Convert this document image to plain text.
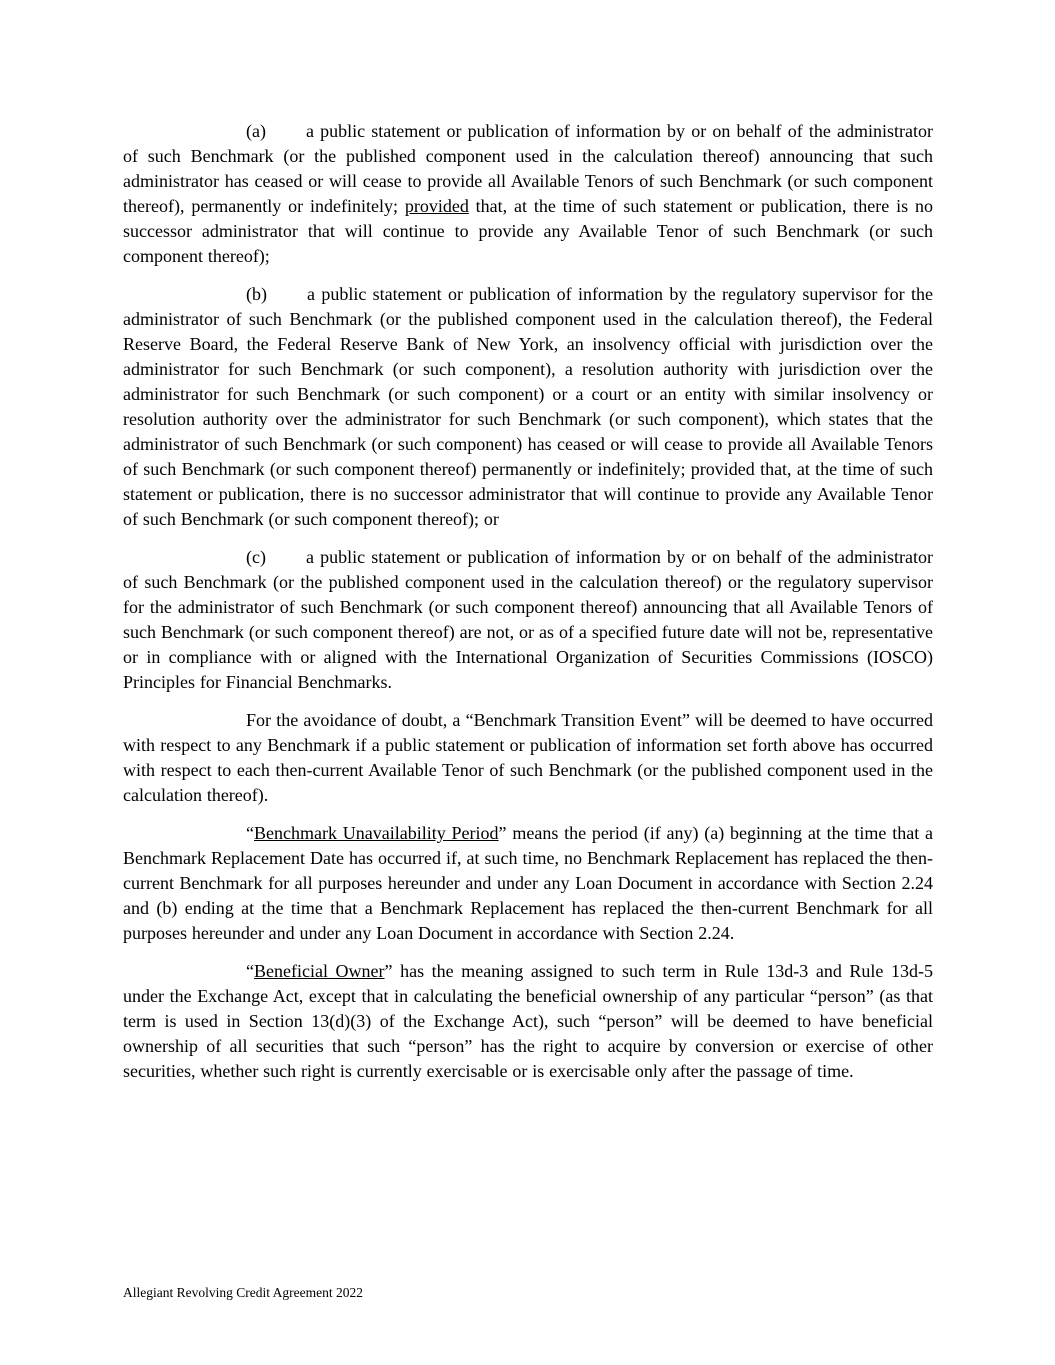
(a) a public statement or publication of information by or on behalf of the administrator of such Benchmark (or the published component used in the calculation thereof) announcing that such administrator has ceased or will cease to provide all Available Tenors of such Benchmark (or such component thereof), permanently or indefinitely; provided that, at the time of such statement or publication, there is no successor administrator that will continue to provide any Available Tenor of such Benchmark (or such component thereof);

(b) a public statement or publication of information by the regulatory supervisor for the administrator of such Benchmark (or the published component used in the calculation thereof), the Federal Reserve Board, the Federal Reserve Bank of New York, an insolvency official with jurisdiction over the administrator for such Benchmark (or such component), a resolution authority with jurisdiction over the administrator for such Benchmark (or such component) or a court or an entity with similar insolvency or resolution authority over the administrator for such Benchmark (or such component), which states that the administrator of such Benchmark (or such component) has ceased or will cease to provide all Available Tenors of such Benchmark (or such component thereof) permanently or indefinitely; provided that, at the time of such statement or publication, there is no successor administrator that will continue to provide any Available Tenor of such Benchmark (or such component thereof); or

(c) a public statement or publication of information by or on behalf of the administrator of such Benchmark (or the published component used in the calculation thereof) or the regulatory supervisor for the administrator of such Benchmark (or such component thereof) announcing that all Available Tenors of such Benchmark (or such component thereof) are not, or as of a specified future date will not be, representative or in compliance with or aligned with the International Organization of Securities Commissions (IOSCO) Principles for Financial Benchmarks.

For the avoidance of doubt, a “Benchmark Transition Event” will be deemed to have occurred with respect to any Benchmark if a public statement or publication of information set forth above has occurred with respect to each then-current Available Tenor of such Benchmark (or the published component used in the calculation thereof).

“Benchmark Unavailability Period” means the period (if any) (a) beginning at the time that a Benchmark Replacement Date has occurred if, at such time, no Benchmark Replacement has replaced the then-current Benchmark for all purposes hereunder and under any Loan Document in accordance with Section 2.24 and (b) ending at the time that a Benchmark Replacement has replaced the then-current Benchmark for all purposes hereunder and under any Loan Document in accordance with Section 2.24.

“Beneficial Owner” has the meaning assigned to such term in Rule 13d-3 and Rule 13d-5 under the Exchange Act, except that in calculating the beneficial ownership of any particular “person” (as that term is used in Section 13(d)(3) of the Exchange Act), such “person” will be deemed to have beneficial ownership of all securities that such “person” has the right to acquire by conversion or exercise of other securities, whether such right is currently exercisable or is exercisable only after the passage of time.

Allegiant Revolving Credit Agreement 2022
